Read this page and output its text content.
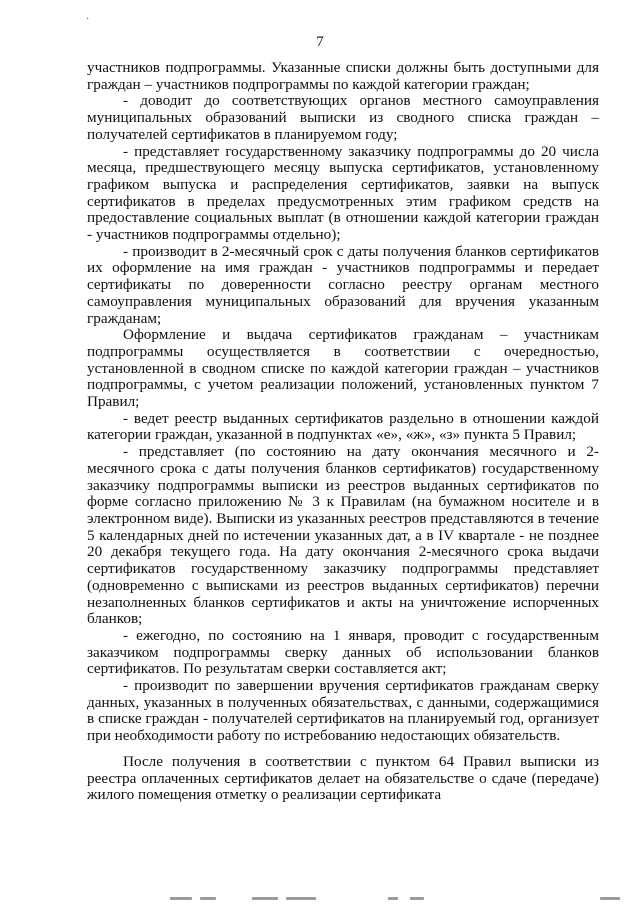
·
7

участников подпрограммы. Указанные списки должны быть доступными для граждан – участников подпрограммы по каждой категории граждан;

- доводит до соответствующих органов местного самоуправления муниципальных образований выписки из сводного списка граждан – получателей сертификатов в планируемом году;

- представляет государственному заказчику подпрограммы до 20 числа месяца, предшествующего месяцу выпуска сертификатов, установленному графиком выпуска и распределения сертификатов, заявки на выпуск сертификатов в пределах предусмотренных этим графиком средств на предоставление социальных выплат (в отношении каждой категории граждан - участников подпрограммы отдельно);

- производит в 2-месячный срок с даты получения бланков сертификатов их оформление на имя граждан - участников подпрограммы и передает сертификаты по доверенности согласно реестру органам местного самоуправления муниципальных образований для вручения указанным гражданам;

Оформление и выдача сертификатов гражданам – участникам подпрограммы осуществляется в соответствии с очередностью, установленной в сводном списке по каждой категории граждан – участников подпрограммы, с учетом реализации положений, установленных пунктом 7 Правил;

- ведет реестр выданных сертификатов раздельно в отношении каждой категории граждан, указанной в подпунктах «е», «ж», «з» пункта 5 Правил;

- представляет (по состоянию на дату окончания месячного и 2-месячного срока с даты получения бланков сертификатов) государственному заказчику подпрограммы выписки из реестров выданных сертификатов по форме согласно приложению № 3 к Правилам (на бумажном носителе и в электронном виде). Выписки из указанных реестров представляются в течение 5 календарных дней по истечении указанных дат, а в IV квартале - не позднее 20 декабря текущего года. На дату окончания 2-месячного срока выдачи сертификатов государственному заказчику подпрограммы представляет (одновременно с выписками из реестров выданных сертификатов) перечни незаполненных бланков сертификатов и акты на уничтожение испорченных бланков;

- ежегодно, по состоянию на 1 января, проводит с государственным заказчиком подпрограммы сверку данных об использовании бланков сертификатов. По результатам сверки составляется акт;

- производит по завершении вручения сертификатов гражданам сверку данных, указанных в полученных обязательствах, с данными, содержащимися в списке граждан - получателей сертификатов на планируемый год, организует при необходимости работу по истребованию недостающих обязательств.

После получения в соответствии с пунктом 64 Правил выписки из реестра оплаченных сертификатов делает на обязательстве о сдаче (передаче) жилого помещения отметку о реализации сертификата
